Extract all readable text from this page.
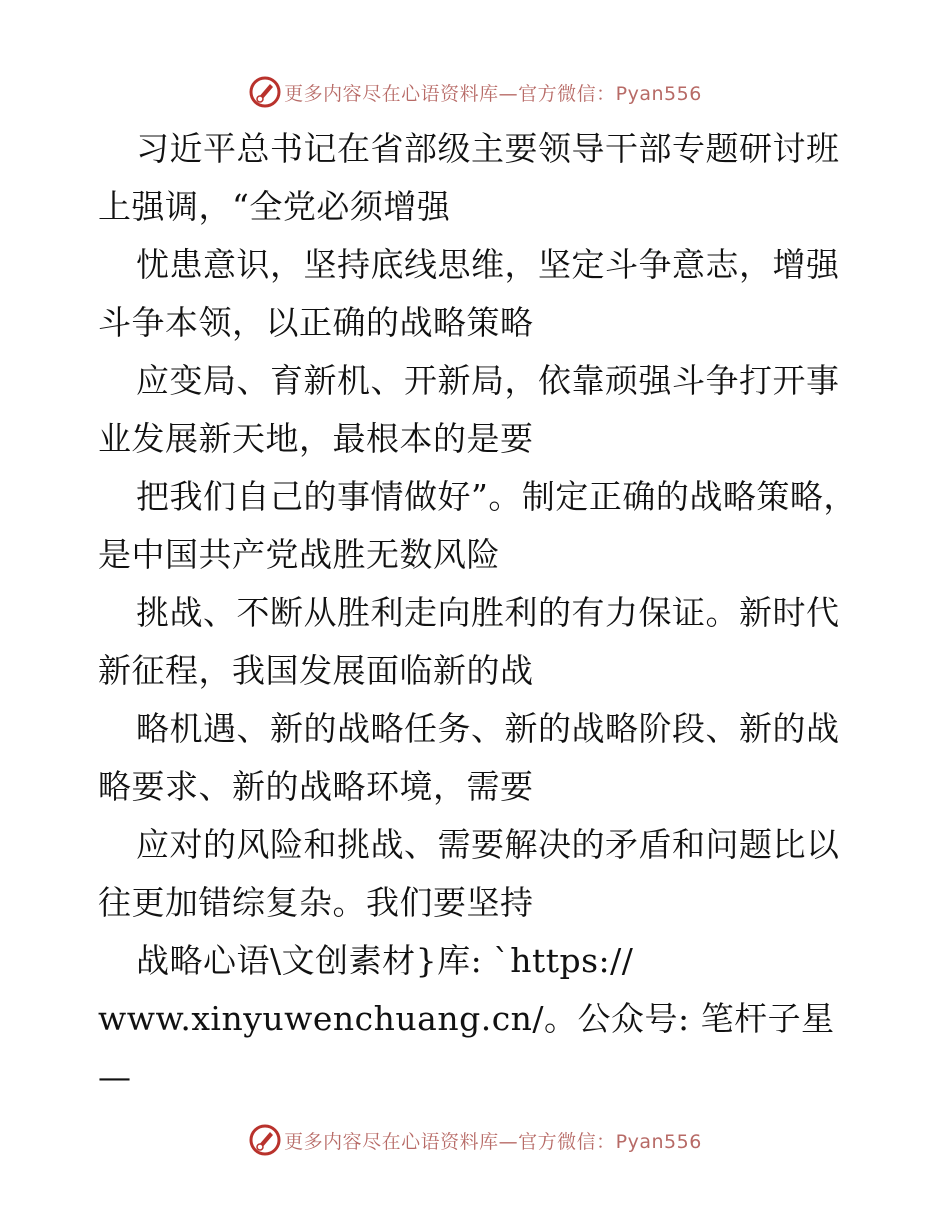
更多内容尽在心语资料库—官方微信：Pyan556

习近平总书记在省部级主要领导干部专题研讨班上强调，“全党必须增强

忧患意识，坚持底线思维，坚定斗争意志，增强斗争本领，以正确的战略策略

应变局、育新机、开新局，依靠顽强斗争打开事业发展新天地，最根本的是要

把我们自己的事情做好”。制定正确的战略策略，是中国共产党战胜无数风险

挑战、不断从胜利走向胜利的有力保证。新时代新征程，我国发展面临新的战

略机遇、新的战略任务、新的战略阶段、新的战略要求、新的战略环境，需要

应对的风险和挑战、需要解决的矛盾和问题比以往更加错综复杂。我们要坚持

战略心语\文创素材}库: `https://

www.xinyuwenchuang.cn/。公众号: 笔杆子星—

更多内容尽在心语资料库—官方微信：Pyan556
